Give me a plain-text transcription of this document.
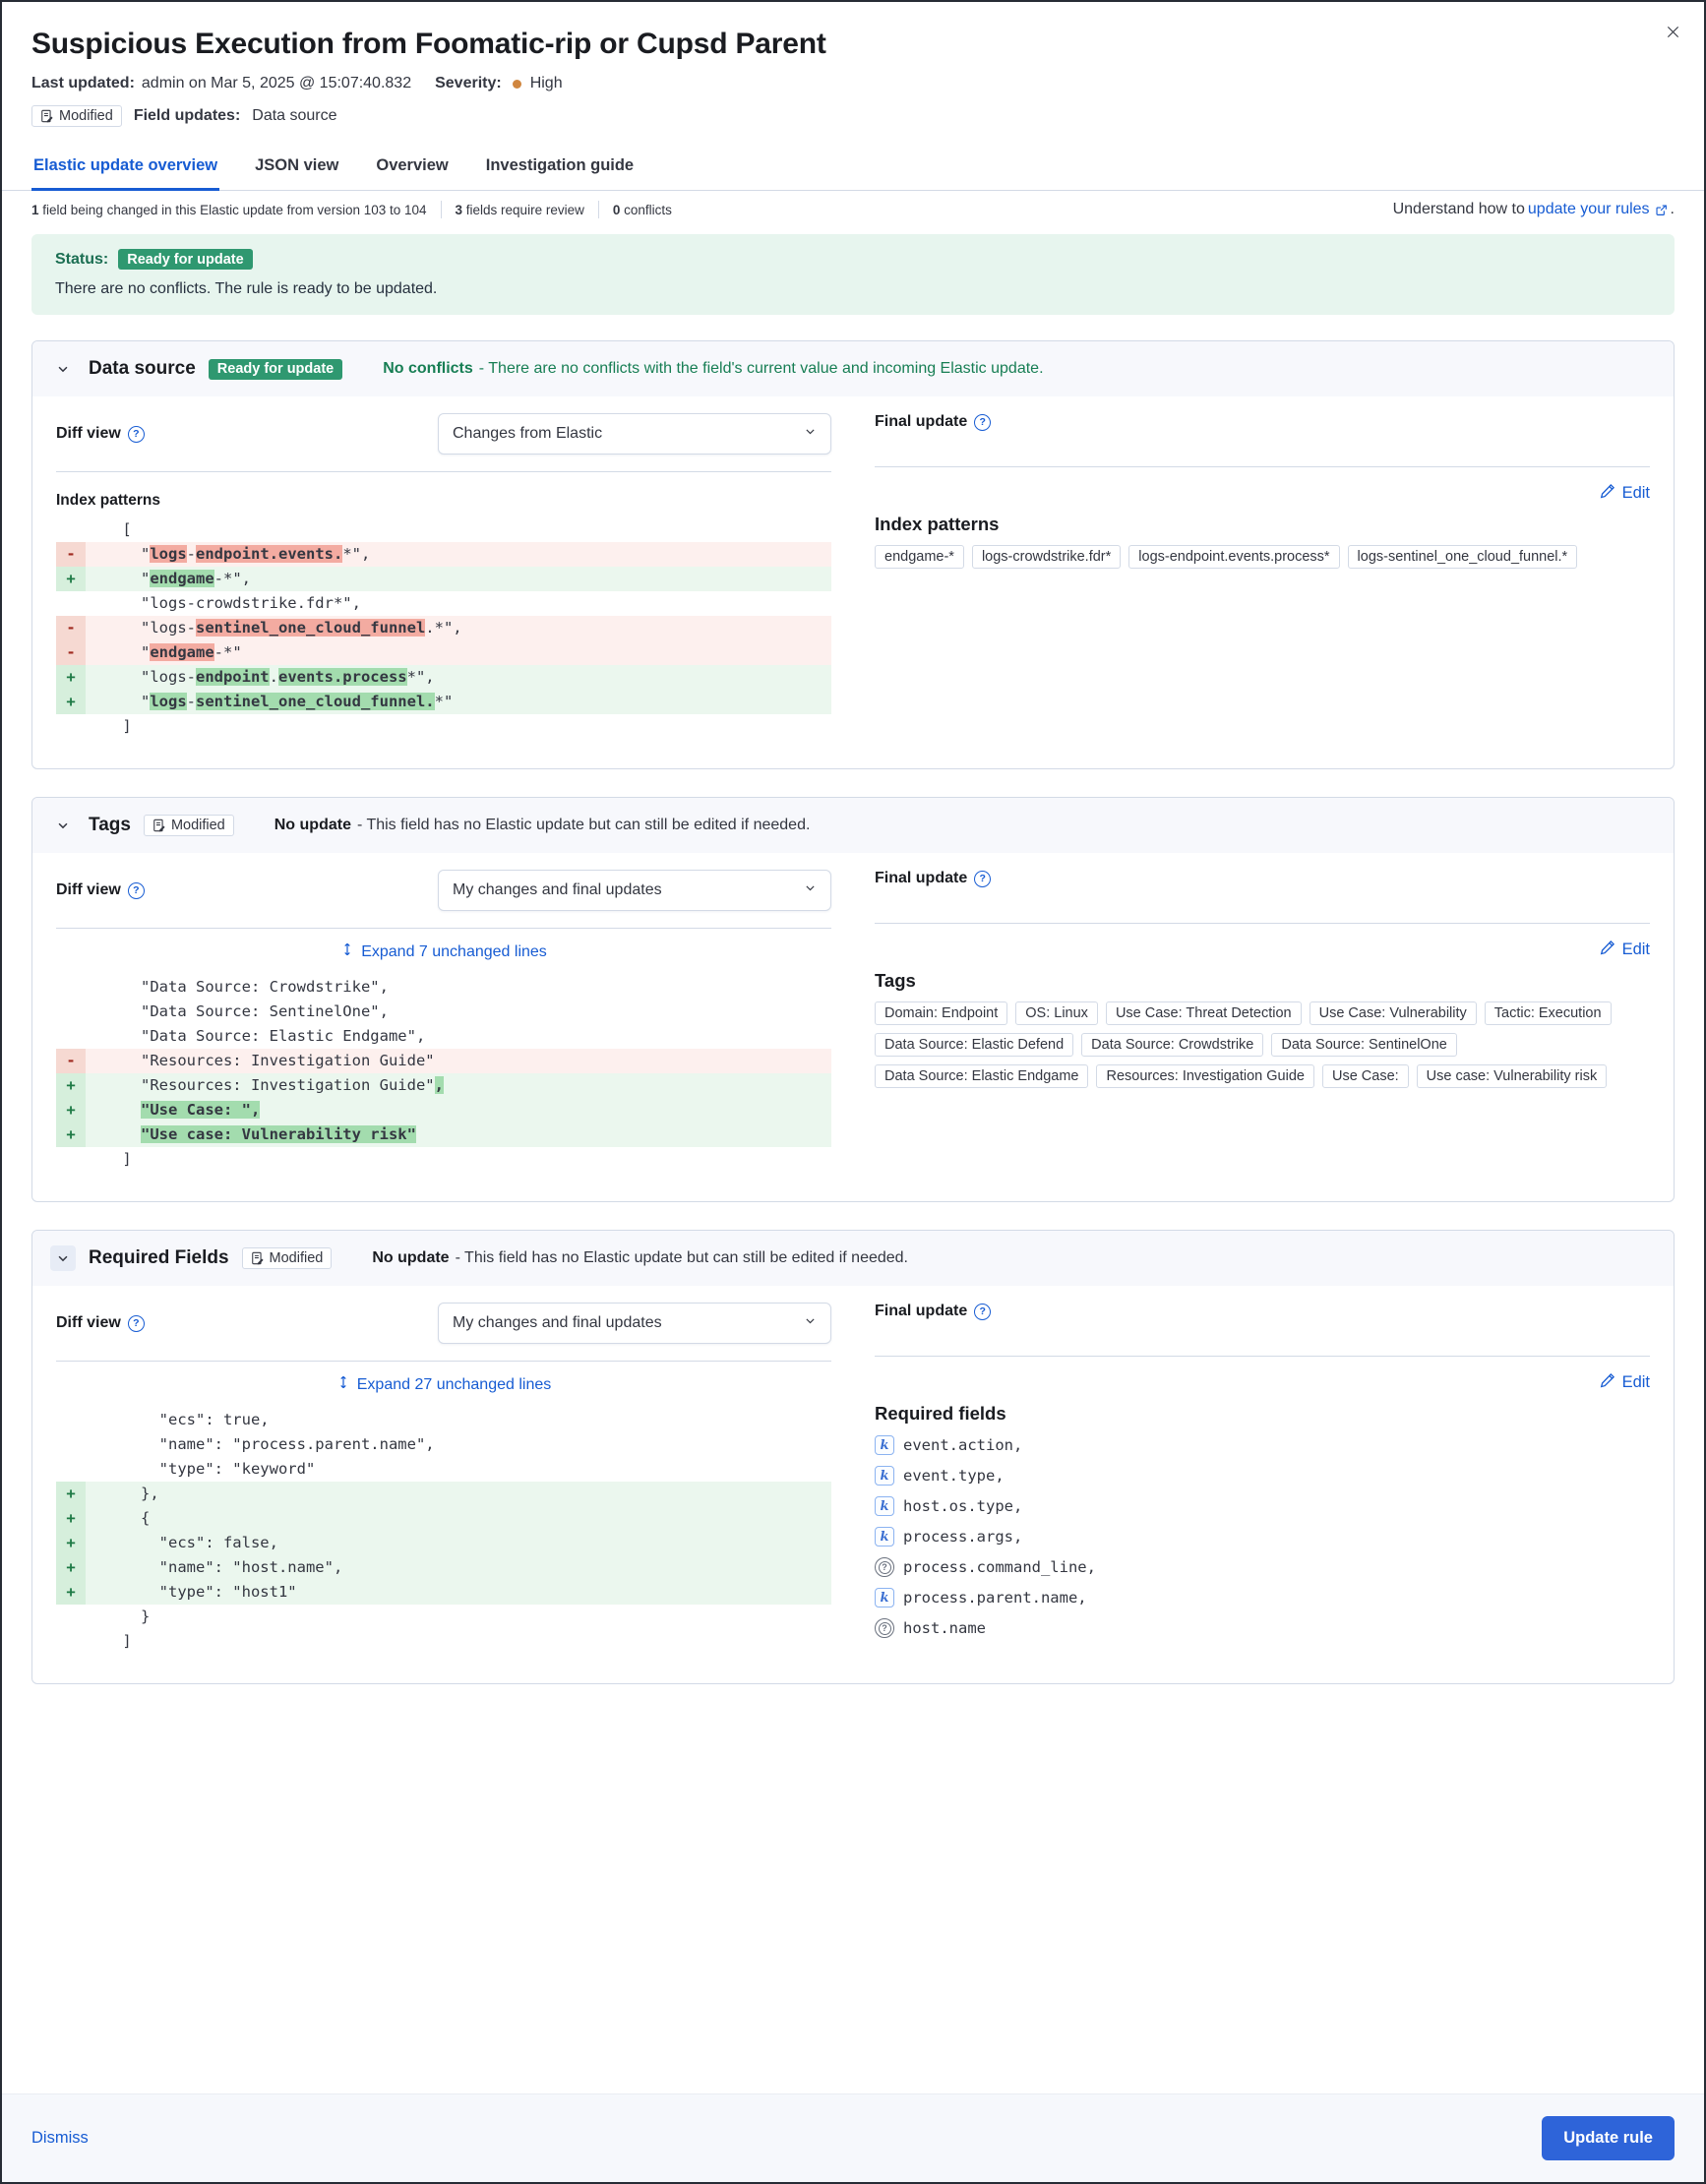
Suspicious Execution from Foomatic-rip or Cupsd Parent
Last updated: admin on Mar 5, 2025 @ 15:07:40.832 Severity: High
Modified Field updates: Data source
Elastic update overview JSON view Overview Investigation guide
1 field being changed in this Elastic update from version 103 to 104 3 fields require review 0 conflicts	Understand how to update your rules .
Status:	Ready for update
There are no conflicts. The rule is ready to be updated.
Data source	Ready for update	No conflicts - There are no conflicts with the field's current value and incoming Elastic update.
Diff view	?	Changes from Elastic
Index patterns
[
- "logs-endpoint.events.*",
+ "endgame-*",
"logs-crowdstrike.fdr*",
- "logs-sentinel_one_cloud_funnel.*",
- "endgame-*"
+ "logs-endpoint.events.process*",
+ "logs-sentinel_one_cloud_funnel.*"
]
Final update	?
Edit
Index patterns
endgame-*	logs-crowdstrike.fdr*	logs-endpoint.events.process*	logs-sentinel_one_cloud_funnel.*
Tags	Modified	No update - This field has no Elastic update but can still be edited if needed.
Diff view	?	My changes and final updates
Expand 7 unchanged lines
"Data Source: Crowdstrike",
"Data Source: SentinelOne",
"Data Source: Elastic Endgame",
- "Resources: Investigation Guide"
+ "Resources: Investigation Guide",
+	"Use Case: ",
+	"Use case: Vulnerability risk"
]
Final update	?
Edit
Tags
Domain: Endpoint	OS: Linux	Use Case: Threat Detection	Use Case: Vulnerability	Tactic: Execution
Data Source: Elastic Defend	Data Source: Crowdstrike	Data Source: SentinelOne
Data Source: Elastic Endgame	Resources: Investigation Guide	Use Case:	Use case: Vulnerability risk
Required Fields	Modified	No update - This field has no Elastic update but can still be edited if needed.
Diff view	?	My changes and final updates
Expand 27 unchanged lines
"ecs": true,
"name": "process.parent.name",
"type": "keyword"
+ },
+ {
+ "ecs": false,
+ "name": "host.name",
+ "type": "host1"
}
]
Final update	?
Edit
Required fields
k event.action,
k event.type,
k host.os.type,
k process.args,
? process.command_line,
k process.parent.name,
? host.name
Dismiss	Update rule
